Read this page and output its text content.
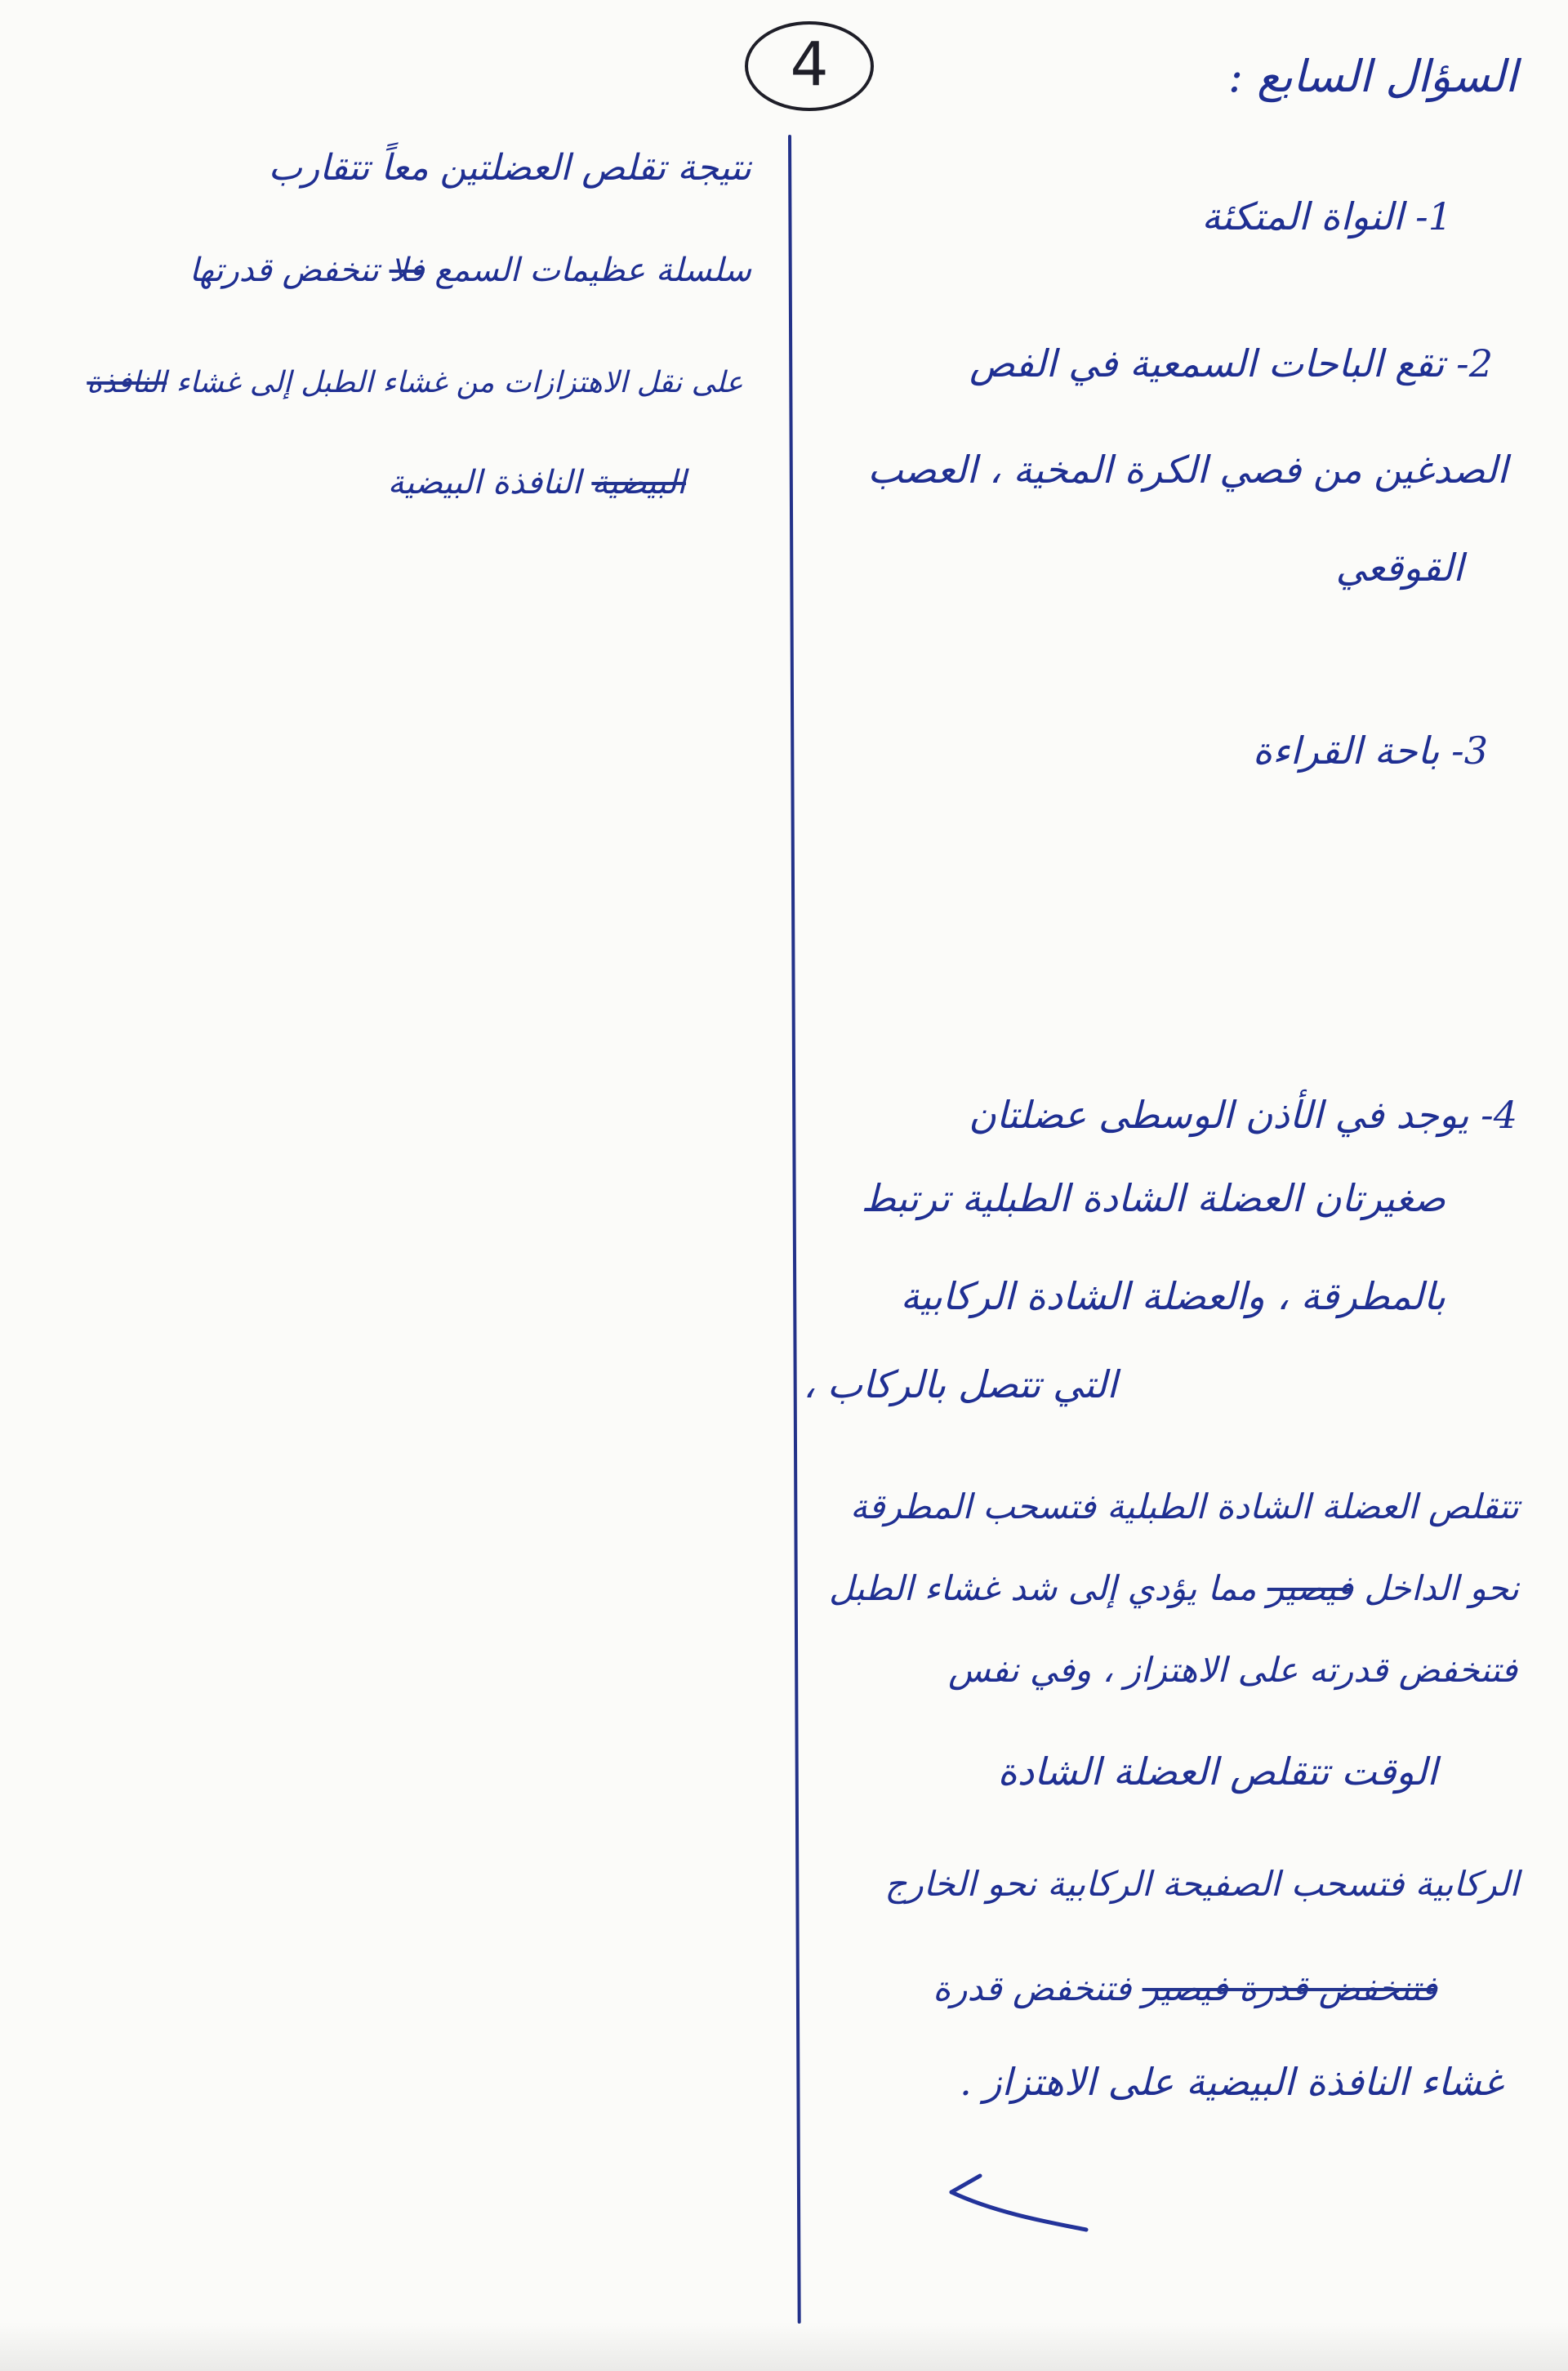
4	السؤال السابع :
1- النواة المتكئة
2- تقع الباحات السمعية في الفص
الصدغين من فصي الكرة المخية ، العصب
القوقعي
3- باحة القراءة
4- يوجد في الأذن الوسطى عضلتان
صغيرتان العضلة الشادة الطبلية ترتبط
بالمطرقة ، والعضلة الشادة الركابية
التي تتصل بالركاب ،
تتقلص العضلة الشادة الطبلية فتسحب المطرقة
نحو الداخل فيصير مما يؤدي إلى شد غشاء الطبل
فتنخفض قدرته على الاهتزاز ، وفي نفس
الوقت تتقلص العضلة الشادة
الركابية فتسحب الصفيحة الركابية نحو الخارج
فتنخفض قدرة فيصير فتنخفض قدرة
غشاء النافذة البيضية على الاهتزاز .
نتيجة تقلص العضلتين معاً تتقارب
سلسلة عظيمات السمع فلا تنخفض قدرتها
على نقل الاهتزازات من غشاء الطبل إلى غشاء النافذة
البيضية النافذة البيضية
